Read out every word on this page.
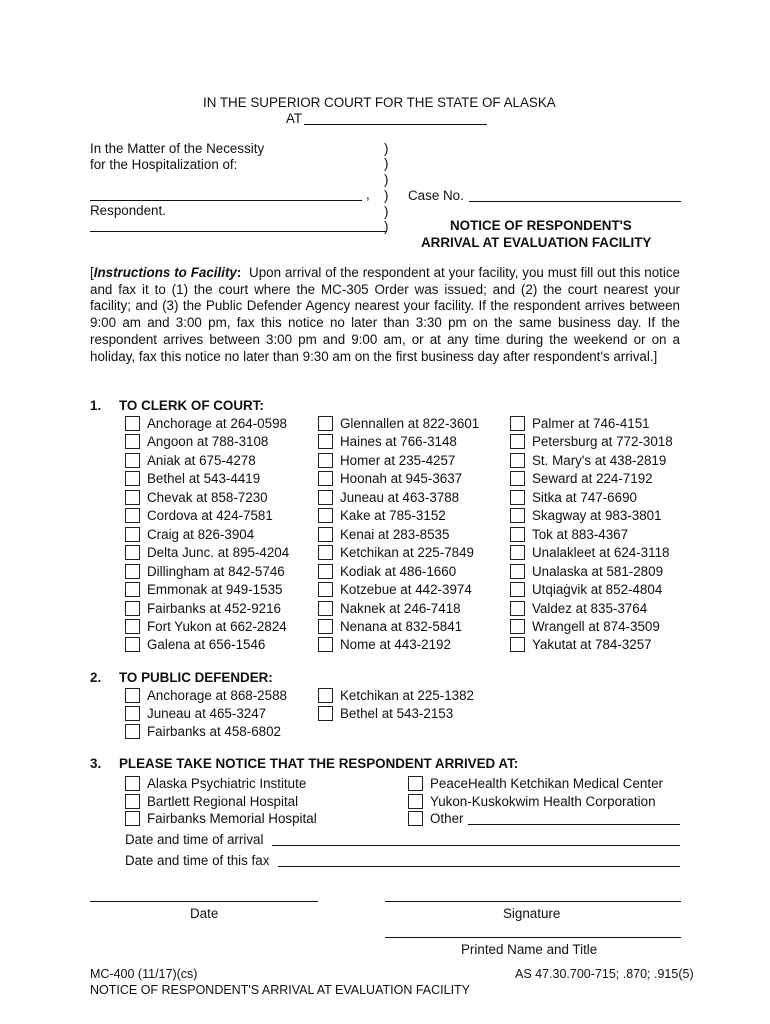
IN THE SUPERIOR COURT FOR THE STATE OF ALASKA
AT
In the Matter of the Necessity
for the Hospitalization of:
,
Respondent.
)
)
)
)
)
)
Case No.
NOTICE OF RESPONDENT'S
ARRIVAL AT EVALUATION FACILITY
[Instructions to Facility: Upon arrival of the respondent at your facility, you must fill out this notice and fax it to (1) the court where the MC-305 Order was issued; and (2) the court nearest your facility; and (3) the Public Defender Agency nearest your facility. If the respondent arrives between 9:00 am and 3:00 pm, fax this notice no later than 3:30 pm on the same business day. If the respondent arrives between 3:00 pm and 9:00 am, or at any time during the weekend or on a holiday, fax this notice no later than 9:30 am on the first business day after respondent's arrival.]
1. TO CLERK OF COURT:
Anchorage at 264-0598
Angoon at 788-3108
Aniak at 675-4278
Bethel at 543-4419
Chevak at 858-7230
Cordova at 424-7581
Craig at 826-3904
Delta Junc. at 895-4204
Dillingham at 842-5746
Emmonak at 949-1535
Fairbanks at 452-9216
Fort Yukon at 662-2824
Galena at 656-1546
Glennallen at 822-3601
Haines at 766-3148
Homer at 235-4257
Hoonah at 945-3637
Juneau at 463-3788
Kake at 785-3152
Kenai at 283-8535
Ketchikan at 225-7849
Kodiak at 486-1660
Kotzebue at 442-3974
Naknek at 246-7418
Nenana at 832-5841
Nome at 443-2192
Palmer at 746-4151
Petersburg at 772-3018
St. Mary's at 438-2819
Seward at 224-7192
Sitka at 747-6690
Skagway at 983-3801
Tok at 883-4367
Unalakleet at 624-3118
Unalaska at 581-2809
Utqiaġvik at 852-4804
Valdez at 835-3764
Wrangell at 874-3509
Yakutat at 784-3257
2. TO PUBLIC DEFENDER:
Anchorage at 868-2588
Juneau at 465-3247
Fairbanks at 458-6802
Ketchikan at 225-1382
Bethel at 543-2153
3. PLEASE TAKE NOTICE THAT THE RESPONDENT ARRIVED AT:
Alaska Psychiatric Institute
Bartlett Regional Hospital
Fairbanks Memorial Hospital
PeaceHealth Ketchikan Medical Center
Yukon-Kuskokwim Health Corporation
Other
Date and time of arrival
Date and time of this fax
Date	Signature
Printed Name and Title
MC-400 (11/17)(cs)
NOTICE OF RESPONDENT'S ARRIVAL AT EVALUATION FACILITY
AS 47.30.700-715; .870; .915(5)
